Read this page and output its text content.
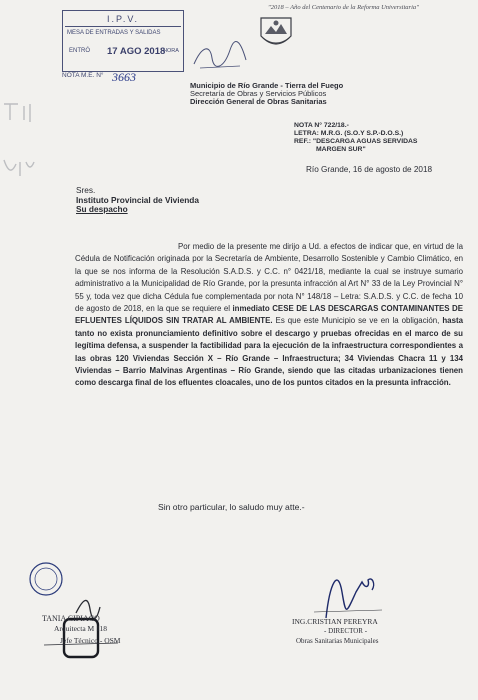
"2018 – Año del Centenario de la Reforma Universitaria"
I.P.V.
MESA DE ENTRADAS Y SALIDAS
ENTRÓ 17 AGO 2018
HORA
NOTA M.E. N° 3663
Municipio de Río Grande - Tierra del Fuego
Secretaría de Obras y Servicios Públicos
Dirección General de Obras Sanitarias
NOTA N° 722/18.-
LETRA: M.R.G. (S.O.Y S.P.-D.O.S.)
REF.: "DESCARGA AGUAS SERVIDAS
MARGEN SUR"
Río Grande, 16 de agosto de 2018
Sres.
Instituto Provincial de Vivienda
Su despacho
Por medio de la presente me dirijo a Ud. a efectos de indicar que, en virtud de la Cédula de Notificación originada por la Secretaría de Ambiente, Desarrollo Sostenible y Cambio Climático, en la que se nos informa de la Resolución S.A.D.S. y C.C. n° 0421/18, mediante la cual se instruye sumario administrativo a la Municipalidad de Río Grande, por la presunta infracción al Art N° 33 de la Ley Provincial N° 55 y, toda vez que dicha Cédula fue complementada por nota N° 148/18 – Letra: S.A.D.S. y C.C. de fecha 10 de agosto de 2018, en la que se requiere el inmediato CESE DE LAS DESCARGAS CONTAMINANTES DE EFLUENTES LÍQUIDOS SIN TRATAR AL AMBIENTE. Es que este Municipio se ve en la obligación, hasta tanto no exista pronunciamiento definitivo sobre el descargo y pruebas ofrecidas en el marco de su legítima defensa, a suspender la factibilidad para la ejecución de la infraestructura correspondientes a las obras 120 Viviendas Sección X – Río Grande – Infraestructura; 34 Viviendas Chacra 11 y 134 Viviendas – Barrio Malvinas Argentinas – Río Grande, siendo que las citadas urbanizaciones tienen como descarga final de los efluentes cloacales, uno de los puntos citados en la presunta infracción.
Sin otro particular, lo saludo muy atte.-
TANIA CIPIACO
Arquitecta M 118
Jefe Técnico - OSM
ING.CRISTIAN PEREYRA
- DIRECTOR -
Obras Sanitarias Municipales
